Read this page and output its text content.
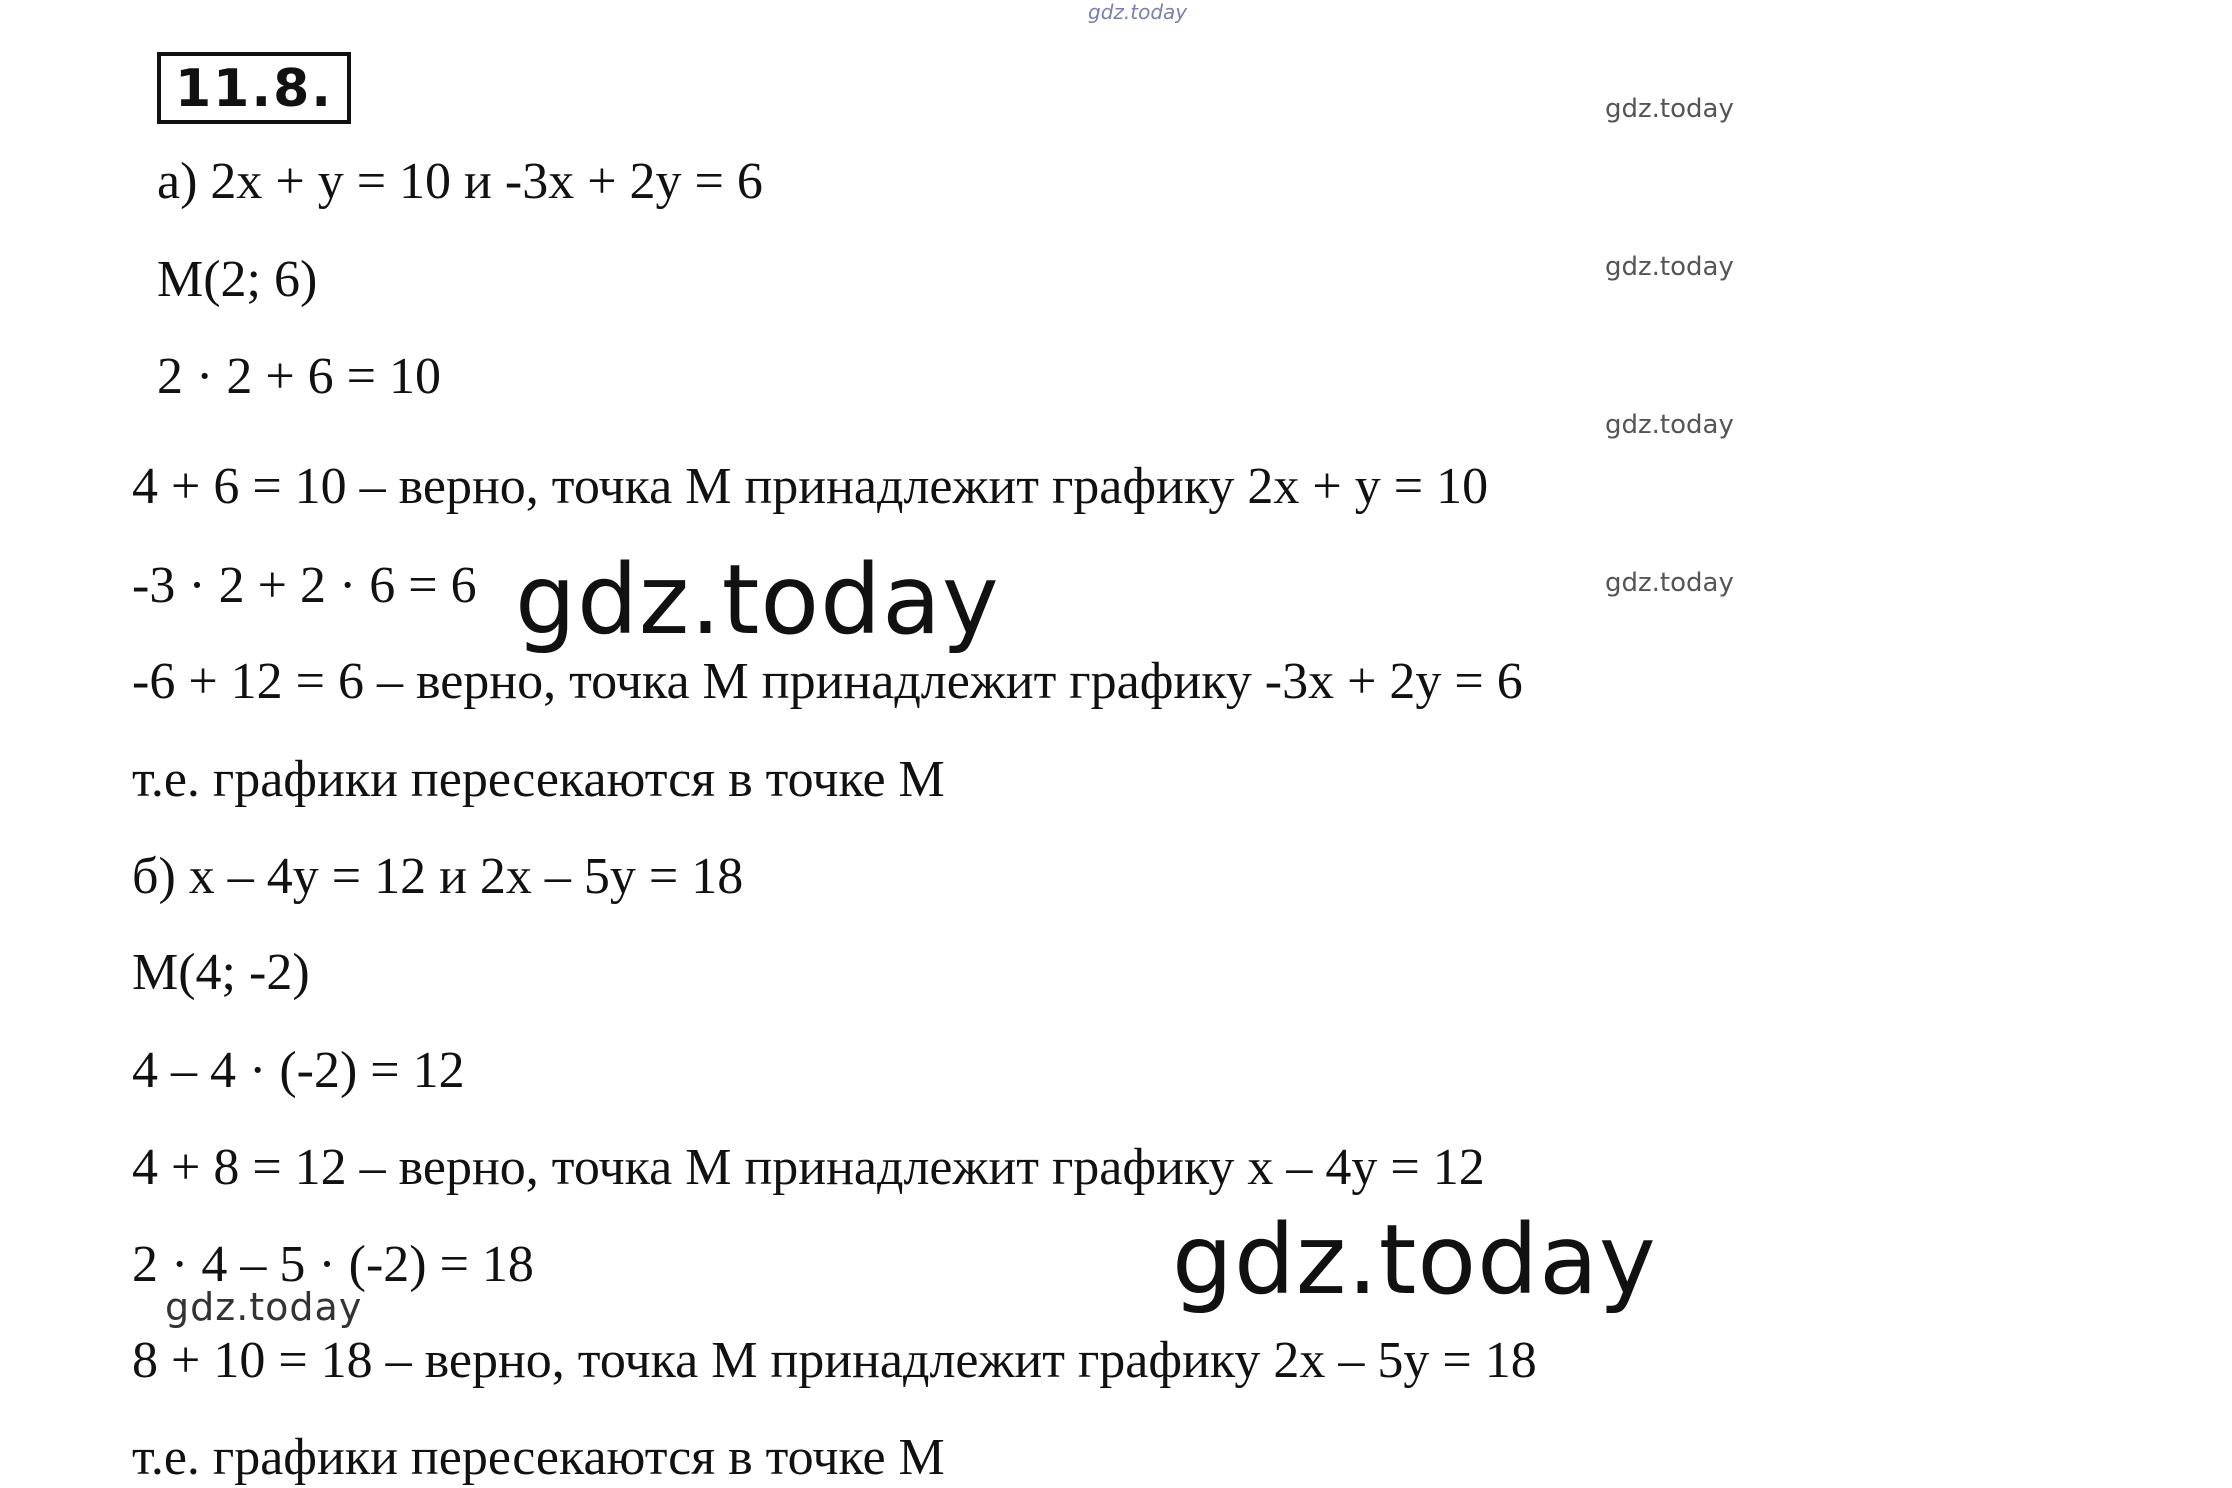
gdz.today
11.8.	gdz.today
gdz.today
gdz.today
gdz.today
а) 2х + у = 10 и -3х + 2у = 6
М(2; 6)
2 · 2 + 6 = 10
4 + 6 = 10 – верно, точка М принадлежит графику 2х + у = 10
-3 · 2 + 2 · 6 = 6
-6 + 12 = 6 – верно, точка М принадлежит графику -3х + 2у = 6
т.е. графики пересекаются в точке М
б) х – 4у = 12 и 2х – 5у = 18
М(4; -2)
4 – 4 · (-2) = 12
4 + 8 = 12 – верно, точка М принадлежит графику х – 4у = 12
2 · 4 – 5 · (-2) = 18
8 + 10 = 18 – верно, точка М принадлежит графику 2х – 5у = 18
т.е. графики пересекаются в точке М
gdz.today
gdz.today
gdz.today
